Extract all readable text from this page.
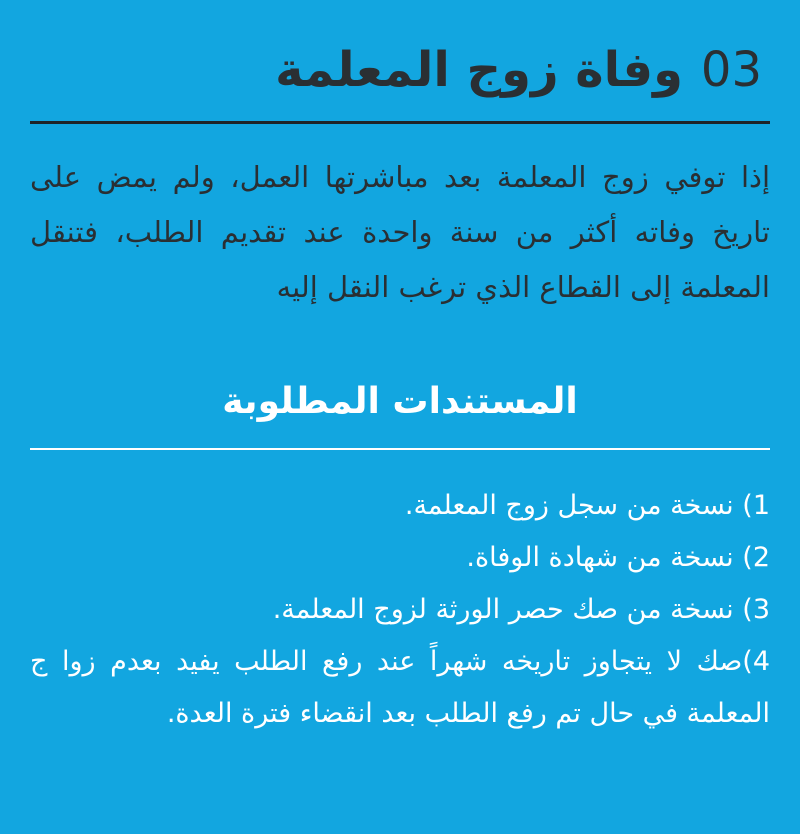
03وفاة زوج المعلمة

إذا توفي زوج المعلمة بعد مباشرتها العمل، ولم يمض على تاريخ وفاته أكثر من سنة واحدة عند تقديم الطلب، فتنقل المعلمة إلى القطاع الذي ترغب النقل إليه

المستندات المطلوبة
1) نسخة من سجل زوج المعلمة.
2) نسخة من شهادة الوفاة.
3) نسخة من صك حصر الورثة لزوج المعلمة.
4)صك لا يتجاوز تاريخه شهراً عند رفع الطلب يفيد بعدم زوا ج المعلمة في حال تم رفع الطلب بعد انقضاء فترة العدة.
